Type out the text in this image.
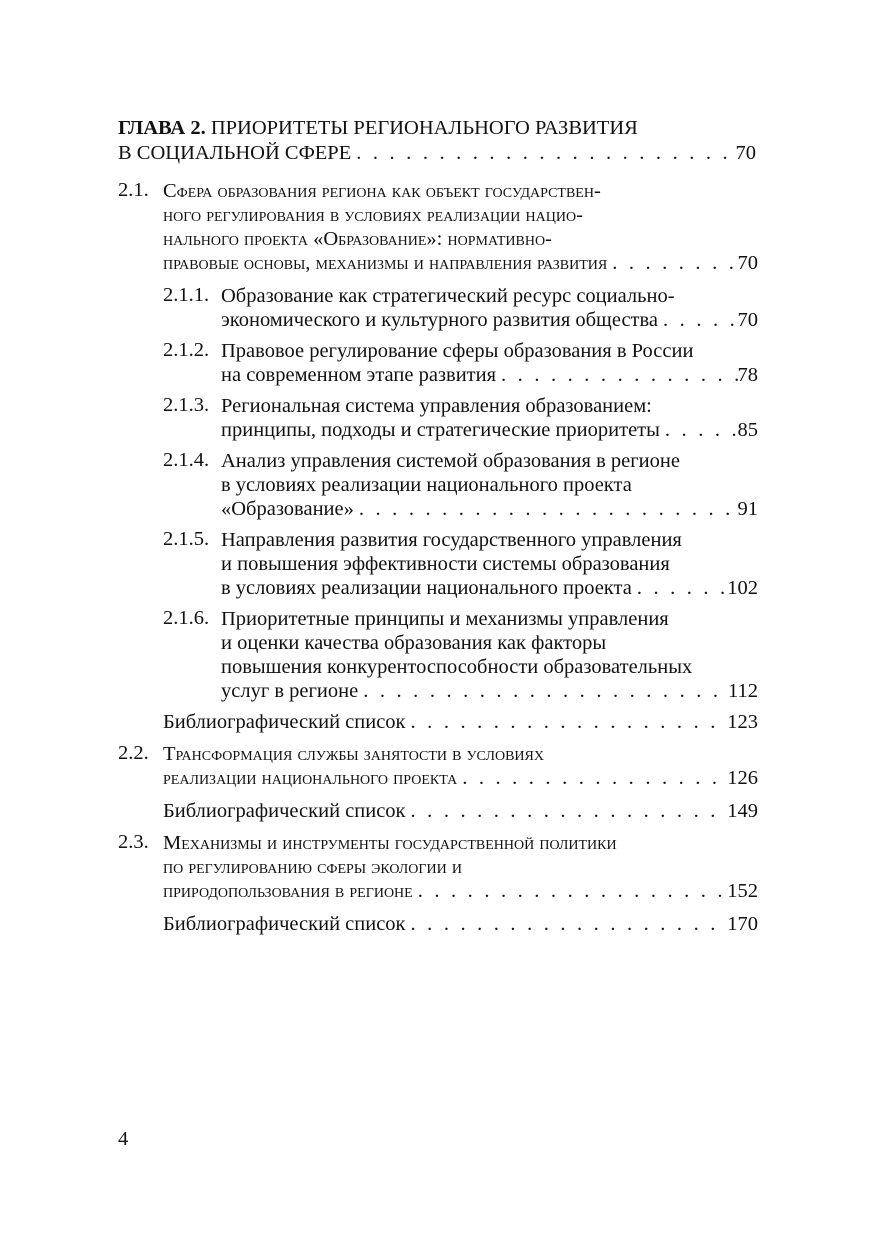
ГЛАВА 2. ПРИОРИТЕТЫ РЕГИОНАЛЬНОГО РАЗВИТИЯ
В СОЦИАЛЬНОЙ СФЕРЕ . . .	70
2.1. Сфера образования региона как объект государствен-
ного регулирования в условиях реализации нацио-
нального проекта «Образование»: нормативно-
правовые основы, механизмы и направления развития . . .	70
2.1.1. Образование как стратегический ресурс социально-
экономического и культурного развития общества . . .	70
2.1.2. Правовое регулирование сферы образования в России
на современном этапе развития . . .	78
2.1.3. Региональная система управления образованием:
принципы, подходы и стратегические приоритеты . . .	85
2.1.4. Анализ управления системой образования в регионе
в условиях реализации национального проекта
«Образование» . . .	91
2.1.5. Направления развития государственного управления
и повышения эффективности системы образования
в условиях реализации национального проекта . . .	102
2.1.6. Приоритетные принципы и механизмы управления
и оценки качества образования как факторы
повышения конкурентоспособности образовательных
услуг в регионе . . .	112
Библиографический список . . .	123
2.2. Трансформация службы занятости в условиях
реализации национального проекта . . .	126
Библиографический список . . .	149
2.3. Механизмы и инструменты государственной политики
по регулированию сферы экологии и
природопользования в регионе . . .	152
Библиографический список . . .	170
4
